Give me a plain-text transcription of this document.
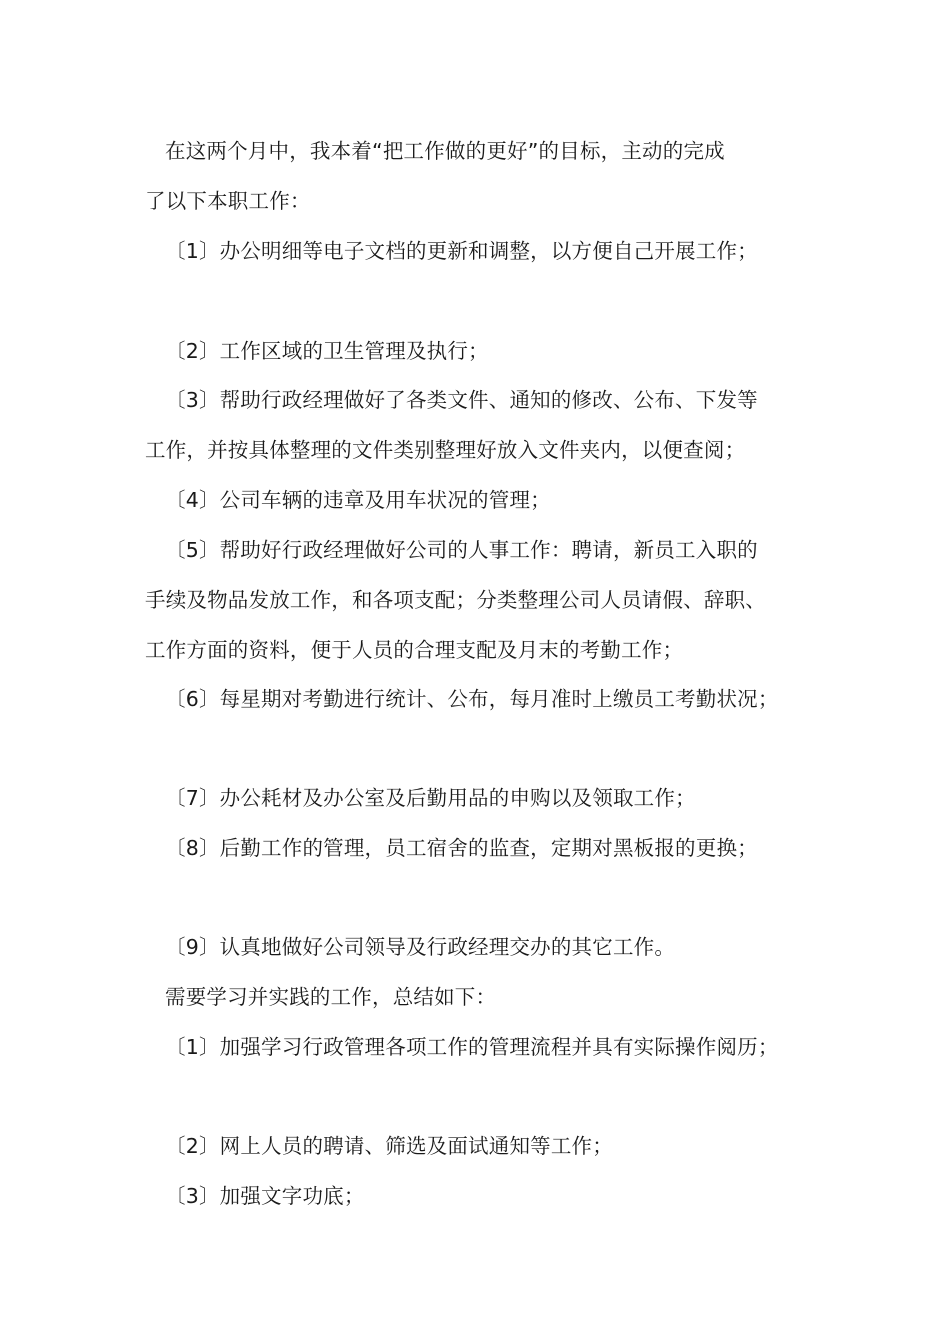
在这两个月中，我本着“把工作做的更好”的目标，主动的完成
了以下本职工作：
〔1〕办公明细等电子文档的更新和调整，以方便自己开展工作；
〔2〕工作区域的卫生管理及执行；
〔3〕帮助行政经理做好了各类文件、通知的修改、公布、下发等
工作，并按具体整理的文件类别整理好放入文件夹内，以便查阅；
〔4〕公司车辆的违章及用车状况的管理；
〔5〕帮助好行政经理做好公司的人事工作：聘请，新员工入职的
手续及物品发放工作，和各项支配；分类整理公司人员请假、辞职、
工作方面的资料，便于人员的合理支配及月末的考勤工作；
〔6〕每星期对考勤进行统计、公布，每月准时上缴员工考勤状况；
〔7〕办公耗材及办公室及后勤用品的申购以及领取工作；
〔8〕后勤工作的管理，员工宿舍的监查，定期对黑板报的更换；
〔9〕认真地做好公司领导及行政经理交办的其它工作。
需要学习并实践的工作，总结如下：
〔1〕加强学习行政管理各项工作的管理流程并具有实际操作阅历；
〔2〕网上人员的聘请、筛选及面试通知等工作；
〔3〕加强文字功底；
